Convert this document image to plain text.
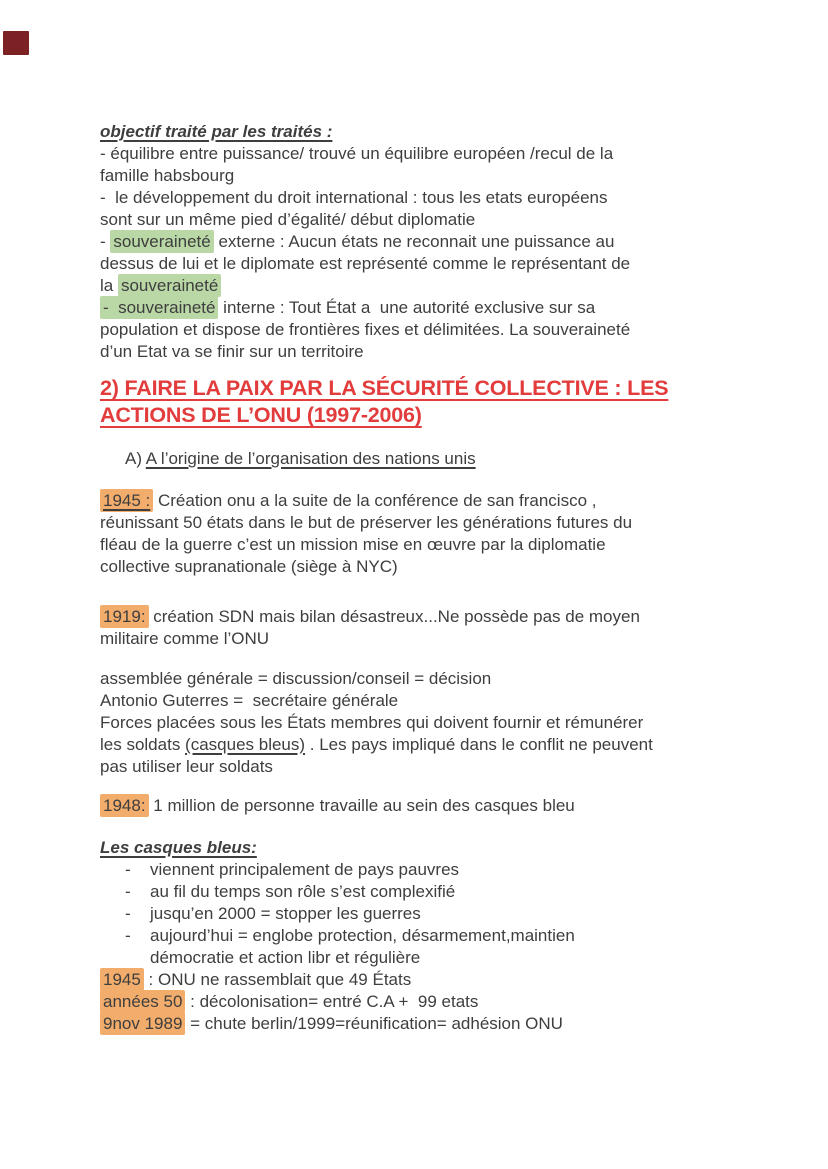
objectif traité par les traités :
- équilibre entre puissance/ trouvé un équilibre européen /recul de la
famille habsbourg
-  le développement du droit international : tous les etats européens
sont sur un même pied d’égalité/ début diplomatie
- souveraineté externe : Aucun états ne reconnait une puissance au
dessus de lui et le diplomate est représenté comme le représentant de
la souveraineté
-  souveraineté interne : Tout État a  une autorité exclusive sur sa
population et dispose de frontières fixes et délimitées. La souveraineté
d’un Etat va se finir sur un territoire
2) FAIRE LA PAIX PAR LA SÉCURITÉ COLLECTIVE : LES
ACTIONS DE L’ONU (1997-2006)
A) A l’origine de l’organisation des nations unis
1945 : Création onu a la suite de la conférence de san francisco ,
réunissant 50 états dans le but de préserver les générations futures du
fléau de la guerre c’est un mission mise en œuvre par la diplomatie
collective supranationale (siège à NYC)
1919: création SDN mais bilan désastreux...Ne possède pas de moyen
militaire comme l’ONU
assemblée générale = discussion/conseil = décision
Antonio Guterres =  secrétaire générale
Forces placées sous les États membres qui doivent fournir et rémunérer
les soldats (casques bleus) . Les pays impliqué dans le conflit ne peuvent
pas utiliser leur soldats
1948: 1 million de personne travaille au sein des casques bleu
Les casques bleus:
- viennent principalement de pays pauvres
- au fil du temps son rôle s’est complexifié
- jusqu’en 2000 = stopper les guerres
- aujourd’hui = englobe protection, désarmement,maintien
démocratie et action libr et régulière
1945 : ONU ne rassemblait que 49 États
années 50 : décolonisation= entré C.A +  99 etats
9nov 1989 = chute berlin/1999=réunification= adhésion ONU
